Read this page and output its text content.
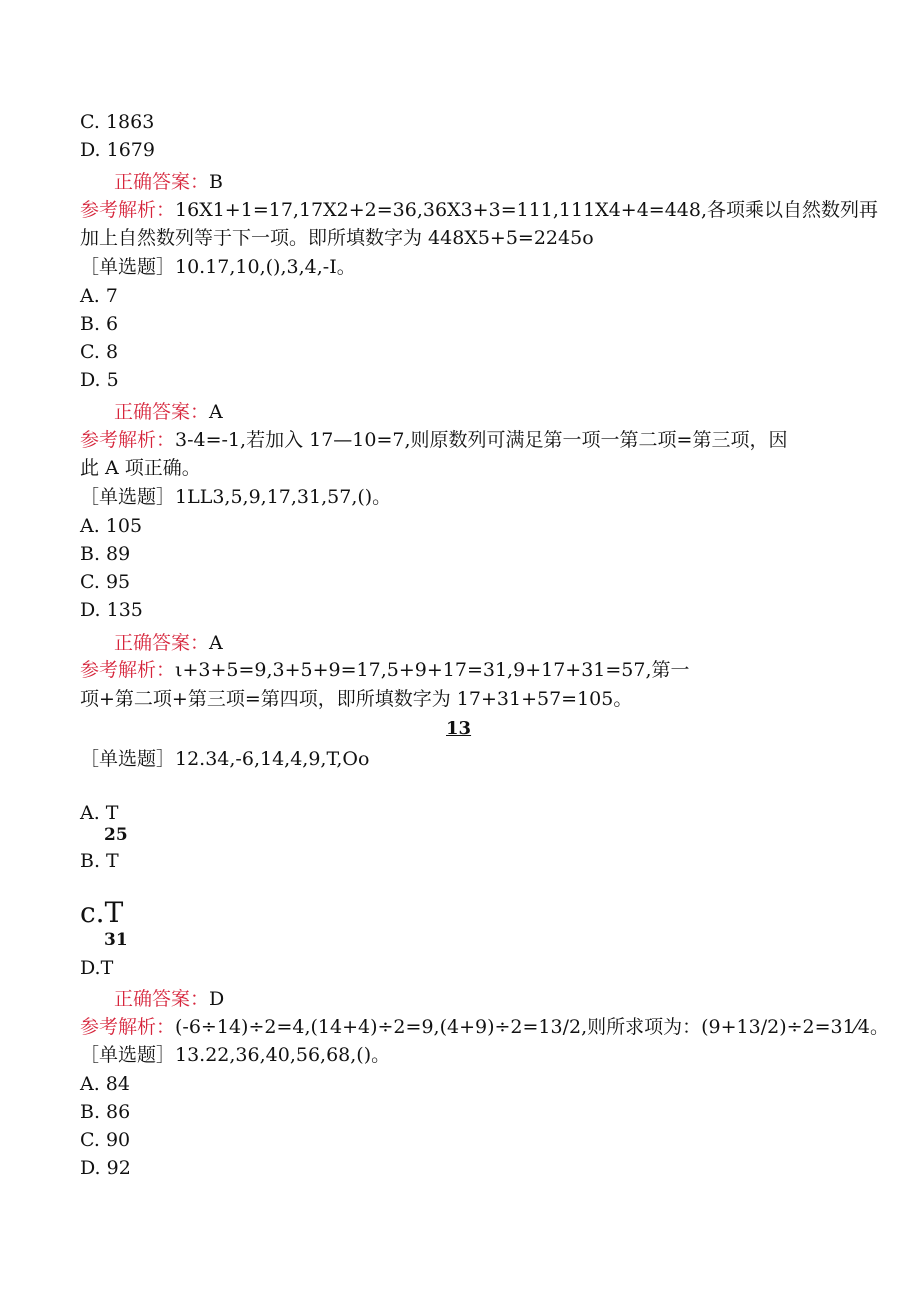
C. 1863
D. 1679
正确答案：B
参考解析：16X1+1=17,17X2+2=36,36X3+3=111,111X4+4=448,各项乘以自然数列再
加上自然数列等于下一项。即所填数字为 448X5+5=2245o
［单选题］10.17,10,(),3,4,-I。
A. 7
B. 6
C. 8
D. 5
正确答案：A
参考解析：3-4=-1,若加入 17—10=7,则原数列可满足第一项一第二项=第三项，因
此 A 项正确。
［单选题］1LL3,5,9,17,31,57,()。
A. 105
B. 89
C. 95
D. 135
正确答案：A
参考解析：ι+3+5=9,3+5+9=17,5+9+17=31,9+17+31=57,第一
项+第二项+第三项=第四项，即所填数字为 17+31+57=105。
13
［单选题］12.34,-6,14,4,9,T,Oo
A. T
25
B. T
c.T
31
D.T
正确答案：D
参考解析：(-6÷14)÷2=4,(14+4)÷2=9,(4+9)÷2=13/2,则所求项为：(9+13/2)÷2=31⁄4。
［单选题］13.22,36,40,56,68,()。
A. 84
B. 86
C. 90
D. 92
